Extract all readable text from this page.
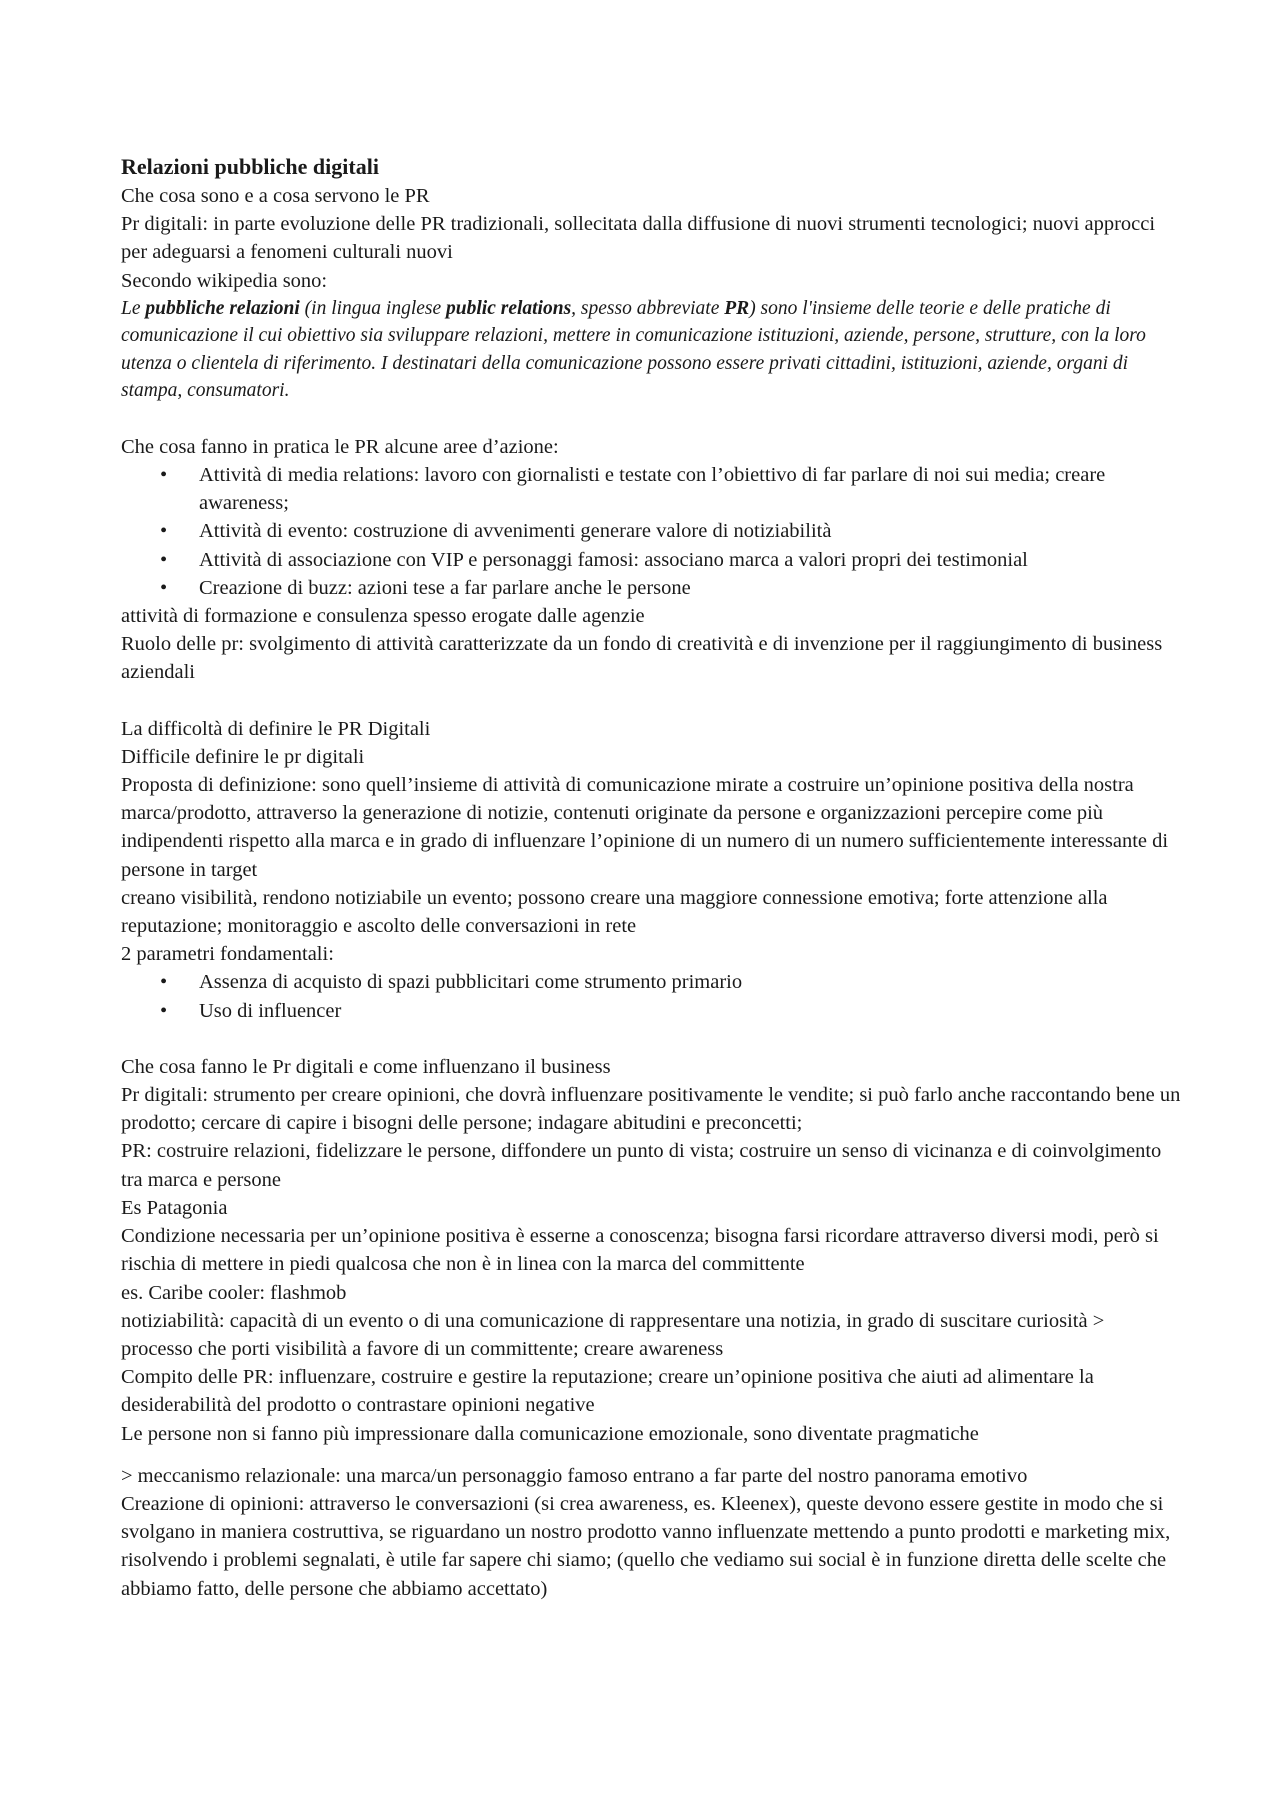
Relazioni pubbliche digitali

Che cosa sono e a cosa servono le PR

Pr digitali: in parte evoluzione delle PR tradizionali, sollecitata dalla diffusione di nuovi strumenti tecnologici; nuovi approcci per adeguarsi a fenomeni culturali nuovi

Secondo wikipedia sono:

Le pubbliche relazioni (in lingua inglese public relations, spesso abbreviate PR) sono l'insieme delle teorie e delle pratiche di comunicazione il cui obiettivo sia sviluppare relazioni, mettere in comunicazione istituzioni, aziende, persone, strutture, con la loro utenza o clientela di riferimento. I destinatari della comunicazione possono essere privati cittadini, istituzioni, aziende, organi di stampa, consumatori.

Che cosa fanno in pratica le PR alcune aree d’azione:

• Attività di media relations: lavoro con giornalisti e testate con l’obiettivo di far parlare di noi sui media; creare awareness;
• Attività di evento: costruzione di avvenimenti generare valore di notiziabilità
• Attività di associazione con VIP e personaggi famosi: associano marca a valori propri dei testimonial
• Creazione di buzz: azioni tese a far parlare anche le persone

attività di formazione e consulenza spesso erogate dalle agenzie

Ruolo delle pr: svolgimento di attività caratterizzate da un fondo di creatività e di invenzione per il raggiungimento di business aziendali

La difficoltà di definire le PR Digitali

Difficile definire le pr digitali

Proposta di definizione: sono quell’insieme di attività di comunicazione mirate a costruire un’opinione positiva della nostra marca/prodotto, attraverso la generazione di notizie, contenuti originate da persone e organizzazioni percepire come più indipendenti rispetto alla marca e in grado di influenzare l’opinione di un numero di un numero sufficientemente interessante di persone in target

creano visibilità, rendono notiziabile un evento; possono creare una maggiore connessione emotiva; forte attenzione alla reputazione; monitoraggio e ascolto delle conversazioni in rete

2 parametri fondamentali:

• Assenza di acquisto di spazi pubblicitari come strumento primario
• Uso di influencer

Che cosa fanno le Pr digitali e come influenzano il business

Pr digitali: strumento per creare opinioni, che dovrà influenzare positivamente le vendite; si può farlo anche raccontando bene un prodotto; cercare di capire i bisogni delle persone; indagare abitudini e preconcetti;

PR: costruire relazioni, fidelizzare le persone, diffondere un punto di vista; costruire un senso di vicinanza e di coinvolgimento tra marca e persone

Es Patagonia

Condizione necessaria per un’opinione positiva è esserne a conoscenza; bisogna farsi ricordare attraverso diversi modi, però si rischia di mettere in piedi qualcosa che non è in linea con la marca del committente

es. Caribe cooler: flashmob

notiziabilità: capacità di un evento o di una comunicazione di rappresentare una notizia, in grado di suscitare curiosità > processo che porti visibilità a favore di un committente; creare awareness

Compito delle PR: influenzare, costruire e gestire la reputazione; creare un’opinione positiva che aiuti ad alimentare la desiderabilità del prodotto o contrastare opinioni negative

Le persone non si fanno più impressionare dalla comunicazione emozionale, sono diventate pragmatiche

> meccanismo relazionale: una marca/un personaggio famoso entrano a far parte del nostro panorama emotivo

Creazione di opinioni: attraverso le conversazioni (si crea awareness, es. Kleenex), queste devono essere gestite in modo che si svolgano in maniera costruttiva, se riguardano un nostro prodotto vanno influenzate mettendo a punto prodotti e marketing mix, risolvendo i problemi segnalati, è utile far sapere chi siamo; (quello che vediamo sui social è in funzione diretta delle scelte che abbiamo fatto, delle persone che abbiamo accettato)
